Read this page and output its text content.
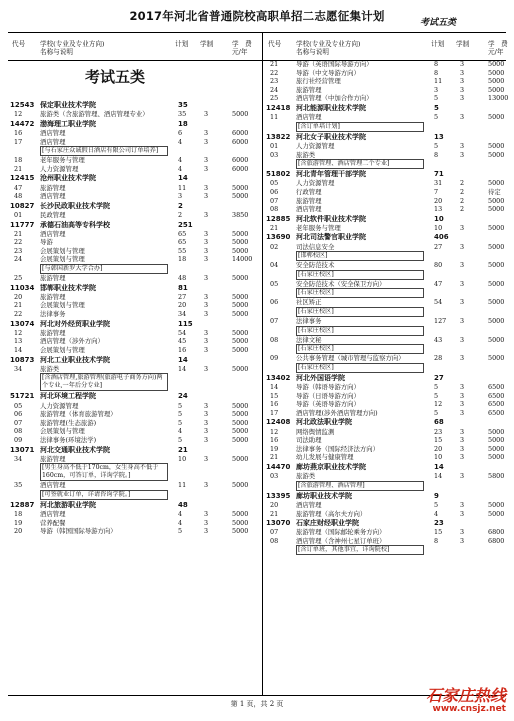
2017年河北省普通院校高职单招二志愿征集计划	考试五类
代号 学校(专业及专业方向)
名称与说明
计划 学制	学　费
元/年
考试五类
12543 保定职业技术学院	35
12	旅游类（含旅游管理、酒店管理专业）	35	3	5000
14472 渤海理工职业学院	18
16	酒店管理	6	3	6000
17	酒店管理	4	3	6000
[与石家庄众诚假日酒店有限公司订单培养]
18	老年服务与管理	4	3	6000
21	人力资源管理	4	3	6000
12415 沧州职业技术学院	14
47	旅游管理	11	3	5000
48	酒店管理	3	3	5000
10827 长沙民政职业技术学院	2
01	民政管理	2	3	3850
11777 承德石油高等专科学校	251
21	酒店管理	65	3	5000
22	导游	65	3	5000
23	会展策划与管理	55	3	5000
24	会展策划与管理	18	3	14000
[与韩国新罗大学合办]
25	旅游管理	48	3	5000
11034 邯郸职业技术学院	81
20	旅游管理	27	3	5000
21	会展策划与管理	20	3	5000
22	法律事务	34	3	5000
13074 河北对外经贸职业学院	115
12	旅游管理	54	3	5000
13	酒店管理（涉外方向）	45	3	5000
14	会展策划与管理	16	3	5000
10873 河北工业职业技术学院	14
34	旅游类	14	3	5000
[含酒店管理,旅游管理(旅游电子商务方向)两个专业,一年后分专业]
51721 河北环境工程学院	24
05	人力资源管理	5	3	5000
06	旅游管理（体育旅游管理）	5	3	5000
07	旅游管理(生态旅游)	5	3	5000
08	会展策划与管理	4	3	5000
09	法律事务(环境法学)	5	3	5000
13071 河北交通职业技术学院	21
34	旅游管理	10	3	5000
[男生身高不低于170cm，女生身高不低于160cm，可答订单，详询学院。]
35	酒店管理	11	3	5000
[可签就业订单，详请咨询学院。]
12887 河北旅游职业学院	48
18	酒店管理	4	3	5000
19	营养配餐	4	3	5000
20	导游（韩国国际导游方向）	5	3	5000
代号 学校(专业及专业方向)
名称与说明
计划 学制	学　费
元/年
21	导游（英语国际导游方向）	8	3	5000
22	导游（中文导游方向）	8	3	5000
23	旅行社经营管理	11	3	5000
24	旅游管理	3	3	5000
25	酒店管理（中加合作方向）	5	3	13000
12418 河北能源职业技术学院	5
11	酒店管理	5	3	5000
[含订单培计划]
13822 河北女子职业技术学院	13
01	人力资源管理	5	3	5000
03	旅游类	8	3	5000
[含旅游管理、酒店管理二个专业]
51802 河北青年管理干部学院	71
05	人力资源管理	31	2	5000
06	行政管理	7	2	待定
07	旅游管理	20	2	5000
08	酒店管理	13	2	5000
12885 河北软件职业技术学院	10
21	老年服务与管理	10	3	5000
13690 河北司法警官职业学院	406
02	司法信息安全	27	3	5000
[邯郸校区]
04	安全防范技术	80	3	5000
[石家庄校区]
05	安全防范技术（安全保卫方向）	47	3	5000
[石家庄校区]
06	社区矫正	54	3	5000
[石家庄校区]
07	法律事务	127 3	5000
[石家庄校区]
08	法律文秘	43	3	5000
[石家庄校区]
09	公共事务管理（城市管理与监察方向）	28	3	5000
[石家庄校区]
13402 河北外国语学院	27
14	导游（韩语导游方向）	5	3	6500
15	导游（日语导游方向）	5	3	6500
16	导游（英语导游方向）	12	3	6500
17	酒店管理(涉外酒店管理方向)	5	3	6500
12408 河北政法职业学院	68
12	网络舆情监测	23	3	5000
16	司法助理	15	3	5000
19	法律事务（国际经济法方向）	20	3	5000
21	幼儿发展与健康管理	10	3	5000
14470 廊坊燕京职业技术学院	14
03	旅游类	14	3	5800
[含旅游管理、酒店管理]
13395 廊坊职业技术学院	9
20	酒店管理	5	3	5000
21	旅游管理（高尔夫方向）	4	3	5000
13070 石家庄财经职业学院	23
07	旅游管理（国际邮轮乘务方向）	15	3	6800
08	酒店管理（含神州七星订单班）	8	3	6800
[含订单班，其他事宜，详询院校]
第 1 页，共 2 页	石家庄热线
www.cnsjz.net
